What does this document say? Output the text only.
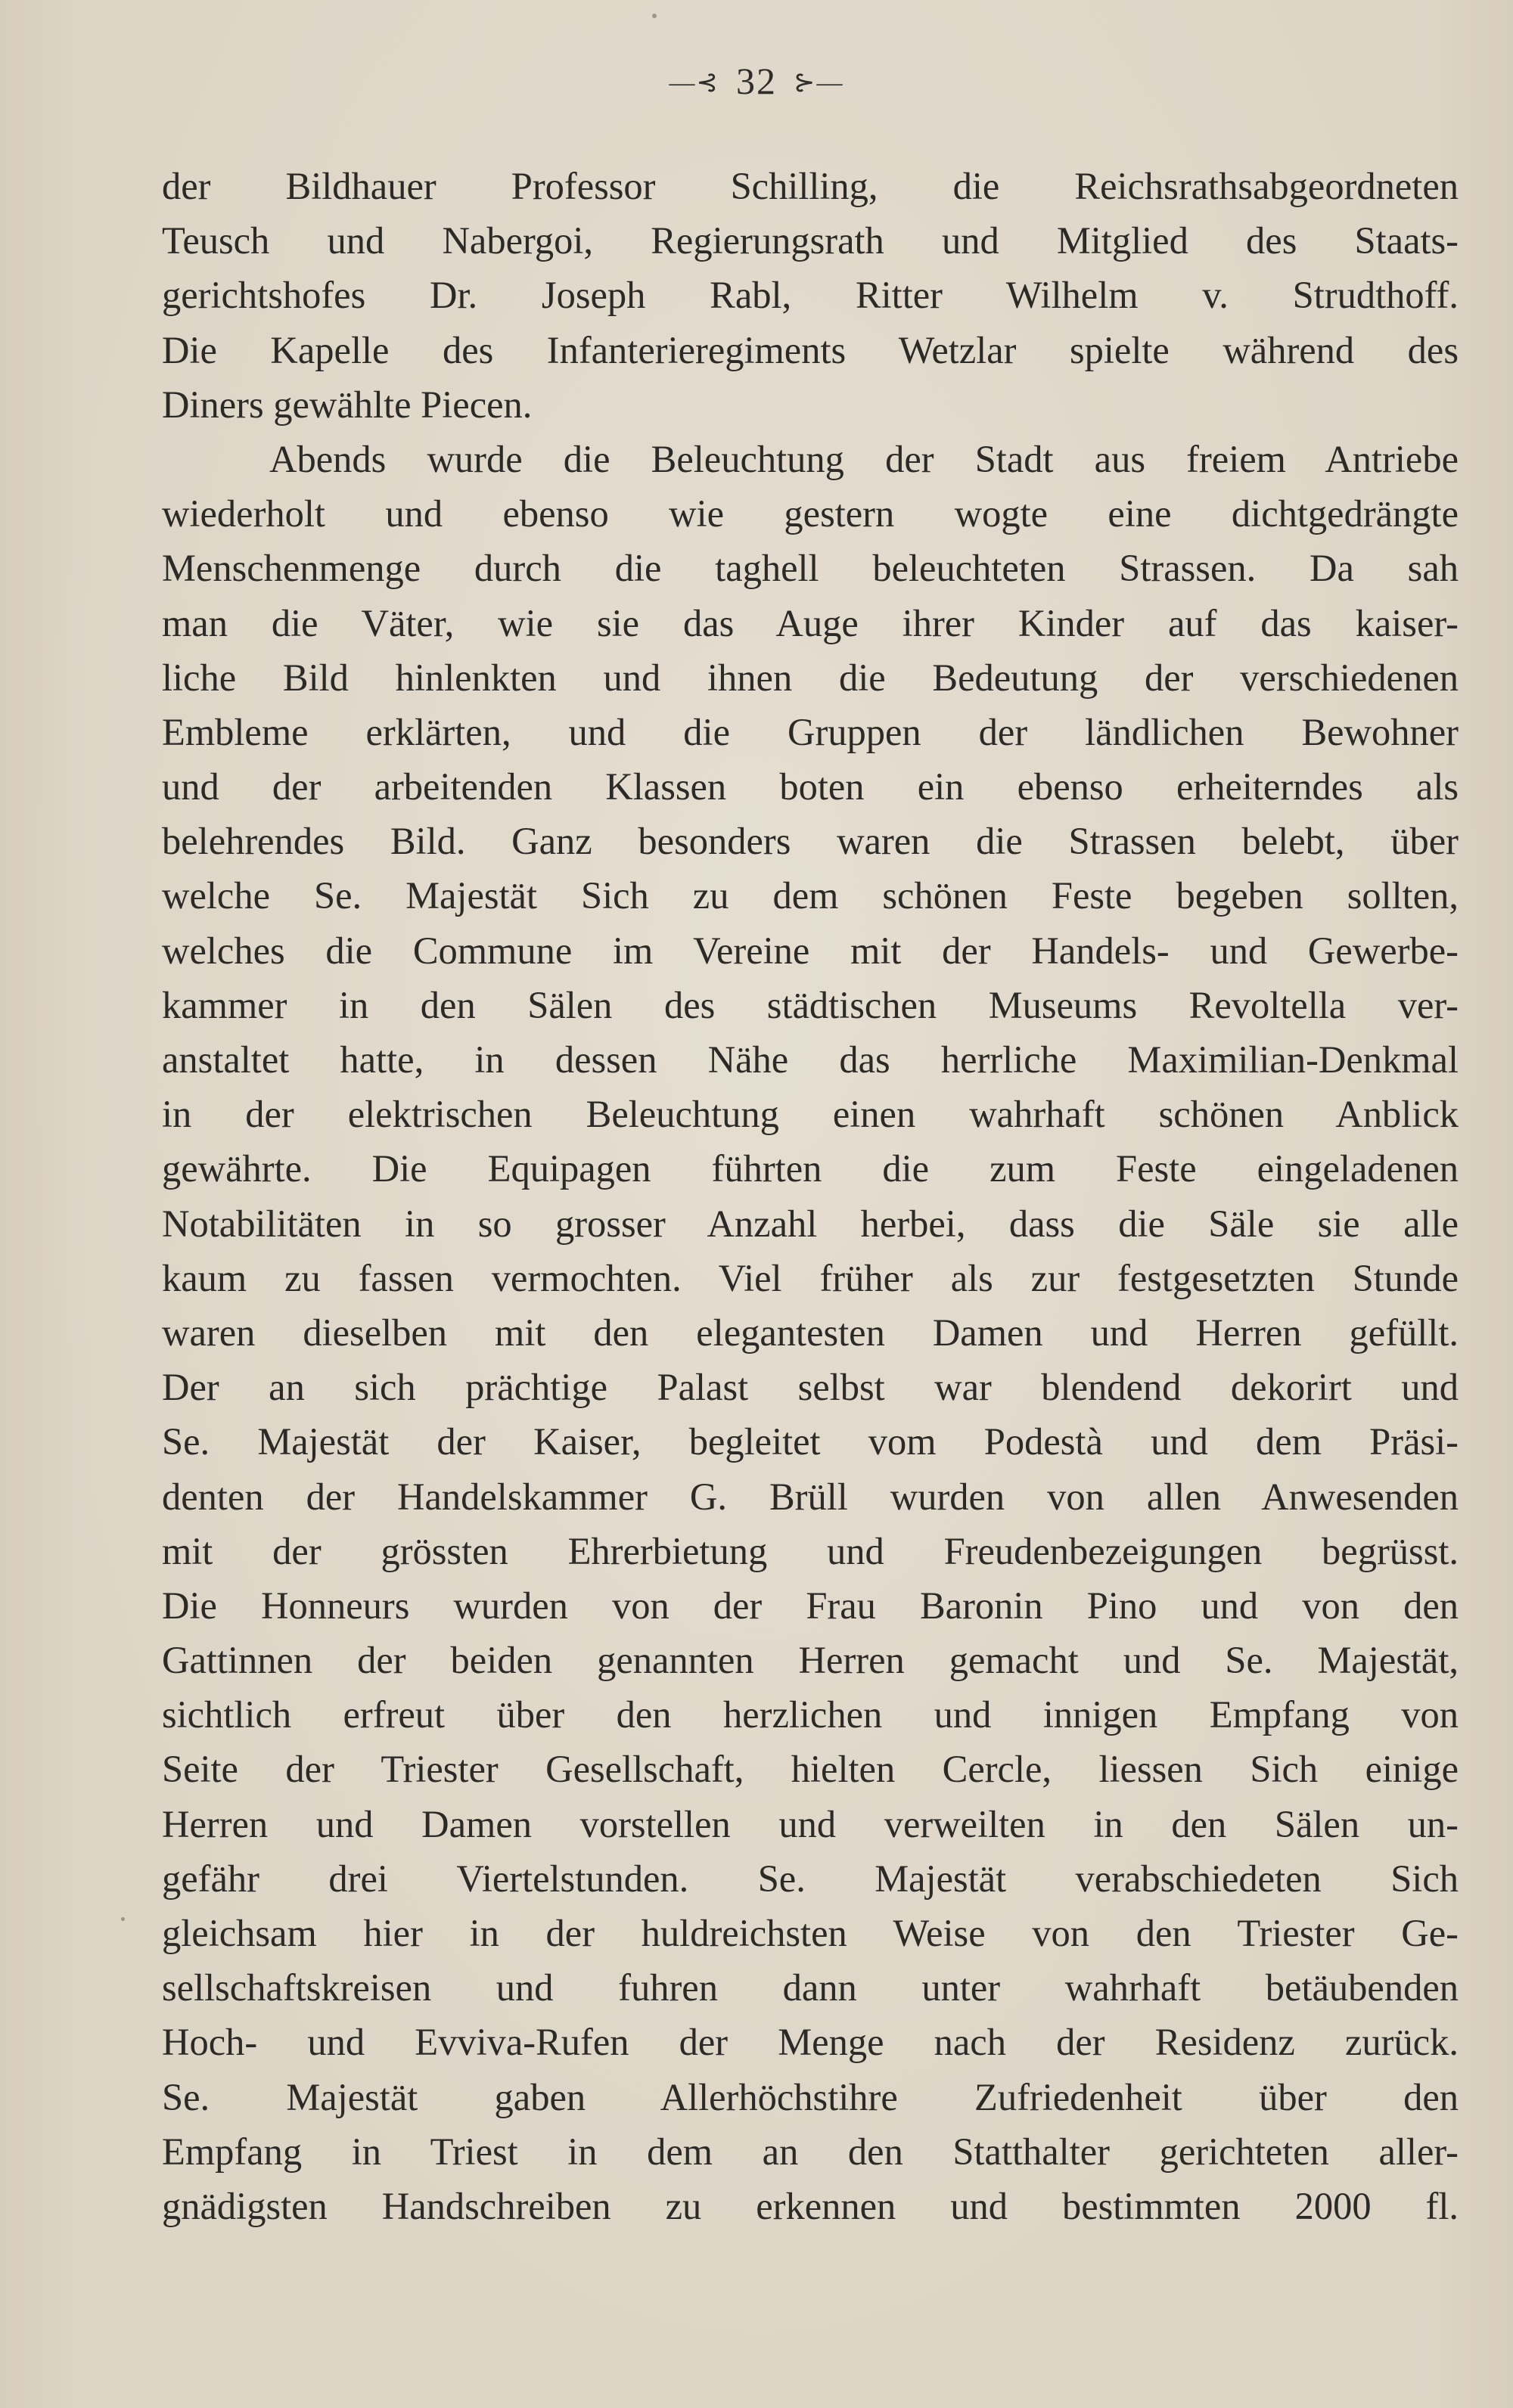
—⊰ 32 ⊱—
der Bildhauer Professor Schilling, die Reichsrathsabgeordneten
Teusch und Nabergoi, Regierungsrath und Mitglied des Staats-
gerichtshofes Dr. Joseph Rabl, Ritter Wilhelm v. Strudthoff.
Die Kapelle des Infanterieregiments Wetzlar spielte während des
Diners gewählte Piecen.
Abends wurde die Beleuchtung der Stadt aus freiem Antriebe
wiederholt und ebenso wie gestern wogte eine dichtgedrängte
Menschenmenge durch die taghell beleuchteten Strassen. Da sah
man die Väter, wie sie das Auge ihrer Kinder auf das kaiser-
liche Bild hinlenkten und ihnen die Bedeutung der verschiedenen
Embleme erklärten, und die Gruppen der ländlichen Bewohner
und der arbeitenden Klassen boten ein ebenso erheiterndes als
belehrendes Bild. Ganz besonders waren die Strassen belebt, über
welche Se. Majestät Sich zu dem schönen Feste begeben sollten,
welches die Commune im Vereine mit der Handels- und Gewerbe-
kammer in den Sälen des städtischen Museums Revoltella ver-
anstaltet hatte, in dessen Nähe das herrliche Maximilian-Denkmal
in der elektrischen Beleuchtung einen wahrhaft schönen Anblick
gewährte. Die Equipagen führten die zum Feste eingeladenen
Notabilitäten in so grosser Anzahl herbei, dass die Säle sie alle
kaum zu fassen vermochten. Viel früher als zur festgesetzten Stunde
waren dieselben mit den elegantesten Damen und Herren gefüllt.
Der an sich prächtige Palast selbst war blendend dekorirt und
Se. Majestät der Kaiser, begleitet vom Podestà und dem Präsi-
denten der Handelskammer G. Brüll wurden von allen Anwesenden
mit der grössten Ehrerbietung und Freudenbezeigungen begrüsst.
Die Honneurs wurden von der Frau Baronin Pino und von den
Gattinnen der beiden genannten Herren gemacht und Se. Majestät,
sichtlich erfreut über den herzlichen und innigen Empfang von
Seite der Triester Gesellschaft, hielten Cercle, liessen Sich einige
Herren und Damen vorstellen und verweilten in den Sälen un-
gefähr drei Viertelstunden. Se. Majestät verabschiedeten Sich
gleichsam hier in der huldreichsten Weise von den Triester Ge-
sellschaftskreisen und fuhren dann unter wahrhaft betäubenden
Hoch- und Evviva-Rufen der Menge nach der Residenz zurück.
Se. Majestät gaben Allerhöchstihre Zufriedenheit über den
Empfang in Triest in dem an den Statthalter gerichteten aller-
gnädigsten Handschreiben zu erkennen und bestimmten 2000 fl.
